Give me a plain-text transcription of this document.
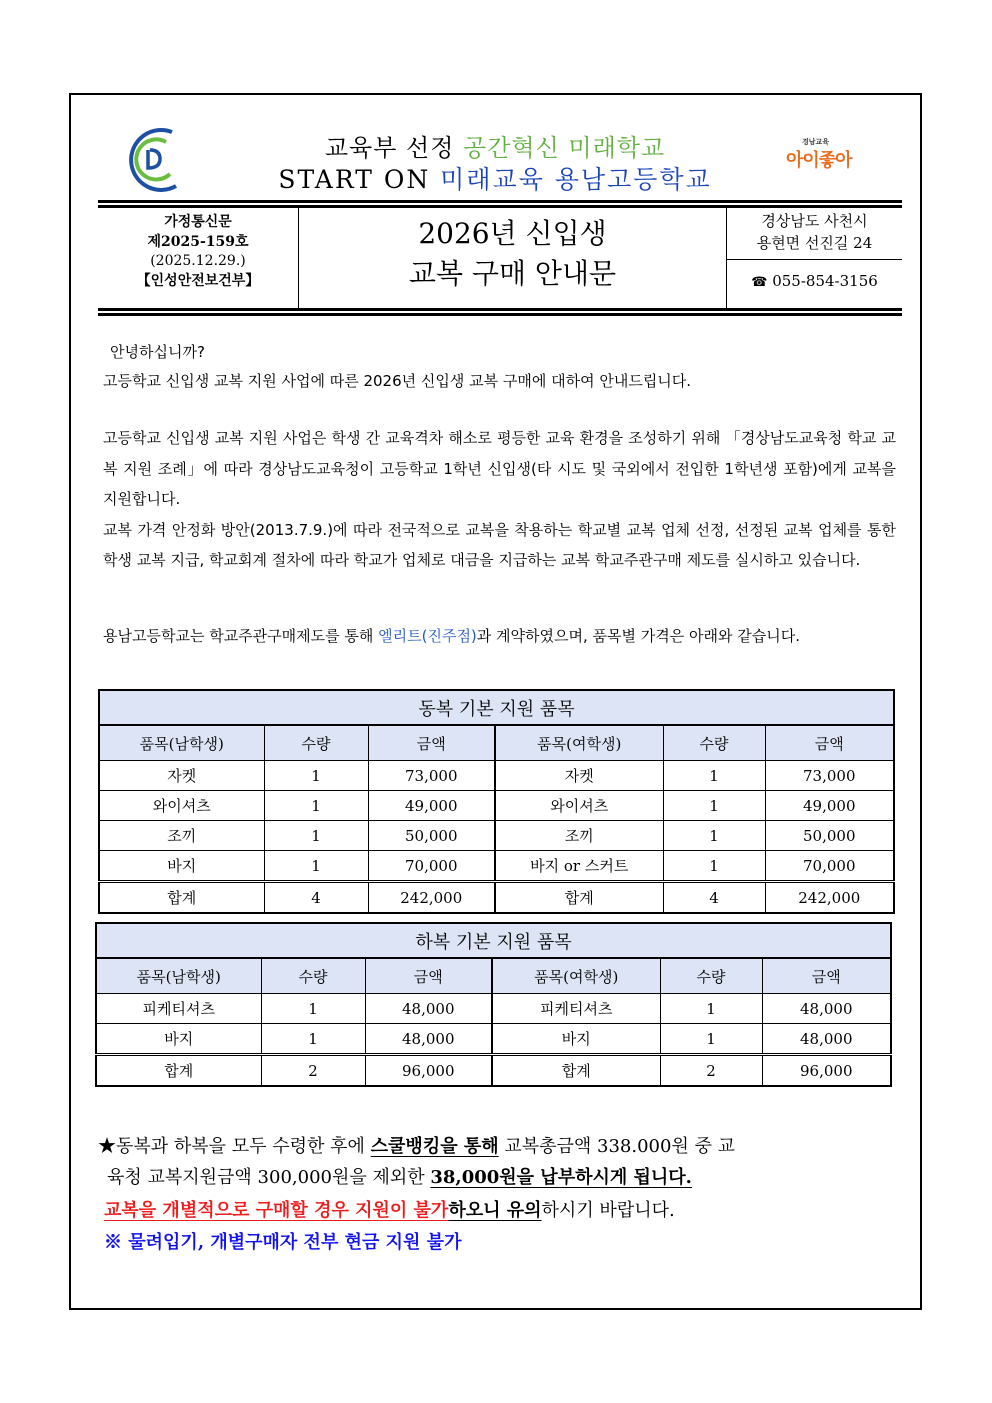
교육부 선정 공간혁신 미래학교
START ON 미래교육 용남고등학교
경남교육
아이좋아
가정통신문
제2025-159호
(2025.12.29.)
【인성안전보건부】
2026년 신입생
교복 구매 안내문
경상남도 사천시
용현면 선진길 24
☎ 055-854-3156
안녕하십니까?
고등학교 신입생 교복 지원 사업에 따른 2026년 신입생 교복 구매에 대하여 안내드립니다.
고등학교 신입생 교복 지원 사업은 학생 간 교육격차 해소로 평등한 교육 환경을 조성하기 위해 「경상남도교육청 학교 교복 지원 조례」에 따라 경상남도교육청이 고등학교 1학년 신입생(타 시도 및 국외에서 전입한 1학년생 포함)에게 교복을 지원합니다.
교복 가격 안정화 방안(2013.7.9.)에 따라 전국적으로 교복을 착용하는 학교별 교복 업체 선정, 선정된 교복 업체를 통한 학생 교복 지급, 학교회계 절차에 따라 학교가 업체로 대금을 지급하는 교복 학교주관구매 제도를 실시하고 있습니다.
용남고등학교는 학교주관구매제도를 통해 엘리트(진주점)과 계약하였으며, 품목별 가격은 아래와 같습니다.
동복 기본 지원 품목					
품목(남학생)	수량	금액	품목(여학생)	수량	금액
자켓	1	73,000	자켓	1	73,000
와이셔츠	1	49,000	와이셔츠	1	49,000
조끼	1	50,000	조끼	1	50,000
바지	1	70,000	바지 or 스커트	1	70,000
합계	4	242,000	합계	4	242,000
하복 기본 지원 품목					
품목(남학생)	수량	금액	품목(여학생)	수량	금액
피케티셔츠	1	48,000	피케티셔츠	1	48,000
바지	1	48,000	바지	1	48,000
합계	2	96,000	합계	2	96,000
★동복과 하복을 모두 수령한 후에 스쿨뱅킹을 통해 교복총금액 338.000원 중 교
육청 교복지원금액 300,000원을 제외한 38,000원을 납부하시게 됩니다.
교복을 개별적으로 구매할 경우 지원이 불가하오니 유의하시기 바랍니다.
※ 물려입기, 개별구매자 전부 현금 지원 불가
